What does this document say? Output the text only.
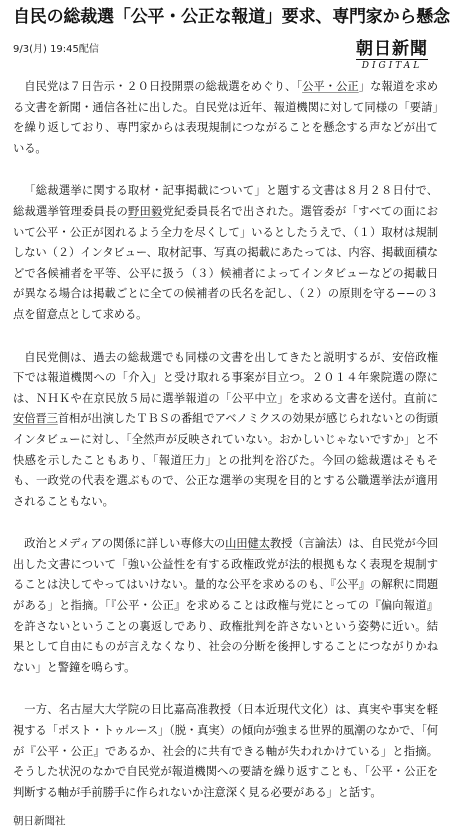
自民の総裁選「公平・公正な報道」要求、専門家から懸念
9/3(月) 19:45配信	朝日新聞
DIGITAL

自民党は７日告示・２０日投開票の総裁選をめぐり、「公平・公正」な報道を求める文書を新聞・通信各社に出した。自民党は近年、報道機関に対して同様の「要請」を繰り返しており、専門家からは表現規制につながることを懸念する声などが出ている。

「総裁選挙に関する取材・記事掲載について」と題する文書は８月２８日付で、総裁選挙管理委員長の野田毅党紀委員長名で出された。選管委が「すべての面において公平・公正が図れるよう全力を尽くして」いるとしたうえで、（１）取材は規制しない（２）インタビュー、取材記事、写真の掲載にあたっては、内容、掲載面積などで各候補者を平等、公平に扱う（３）候補者によってインタビューなどの掲載日が異なる場合は掲載ごとに全ての候補者の氏名を記し、（２）の原則を守る−−の３点を留意点として求める。

自民党側は、過去の総裁選でも同様の文書を出してきたと説明するが、安倍政権下では報道機関への「介入」と受け取れる事案が目立つ。２０１４年衆院選の際には、ＮＨＫや在京民放５局に選挙報道の「公平中立」を求める文書を送付。直前に安倍晋三首相が出演したＴＢＳの番組でアベノミクスの効果が感じられないとの街頭インタビューに対し、「全然声が反映されていない。おかしいじゃないですか」と不快感を示したこともあり、「報道圧力」との批判を浴びた。今回の総裁選はそもそも、一政党の代表を選ぶもので、公正な選挙の実現を目的とする公職選挙法が適用されることもない。

政治とメディアの関係に詳しい専修大の山田健太教授（言論法）は、自民党が今回出した文書について「強い公益性を有する政権政党が法的根拠もなく表現を規制することは決してやってはいけない。量的な公平を求めるのも、『公平』の解釈に問題がある」と指摘。「『公平・公正』を求めることは政権与党にとっての『偏向報道』を許さないということの裏返しであり、政権批判を許さないという姿勢に近い。結果として自由にものが言えなくなり、社会の分断を後押しすることにつながりかねない」と警鐘を鳴らす。

一方、名古屋大大学院の日比嘉高准教授（日本近現代文化）は、真実や事実を軽視する「ポスト・トゥルース」（脱・真実）の傾向が強まる世界的風潮のなかで、「何が『公平・公正』であるか、社会的に共有できる軸が失われかけている」と指摘。そうした状況のなかで自民党が報道機関への要請を繰り返すことも、「公平・公正を判断する軸が手前勝手に作られないか注意深く見る必要がある」と話す。

朝日新聞社
